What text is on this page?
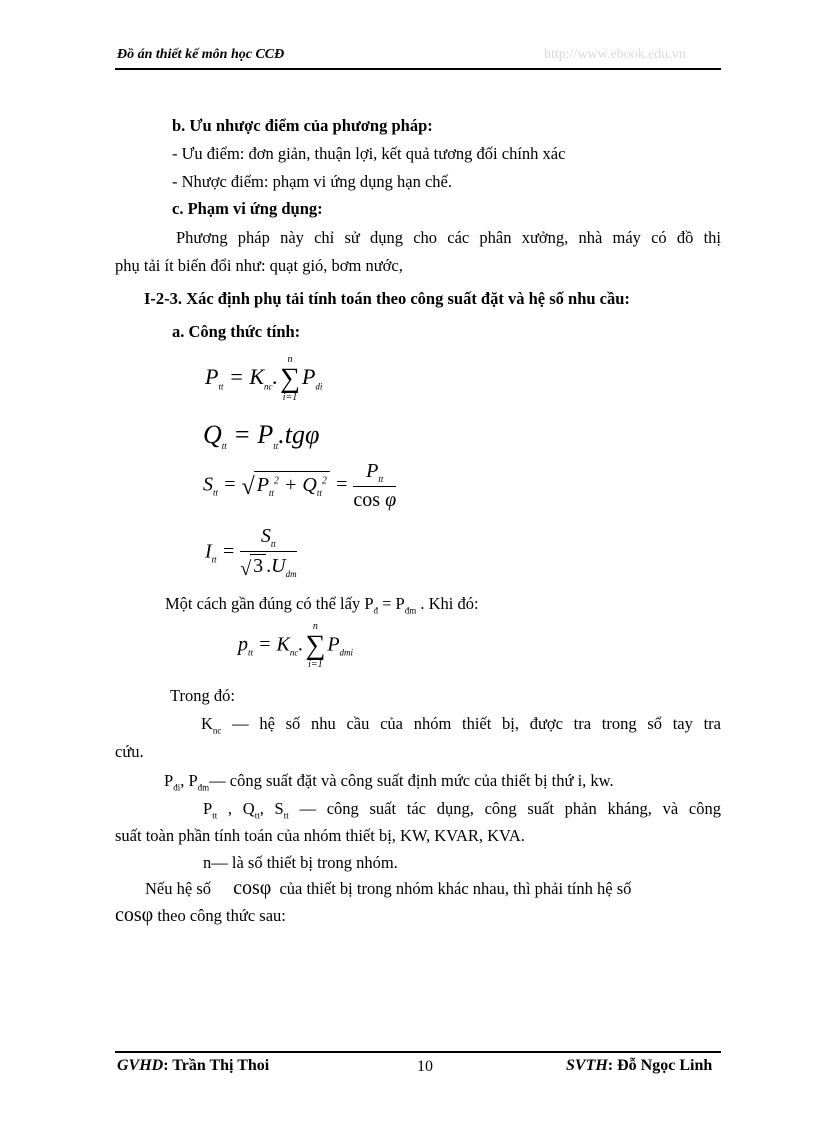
Đồ án thiết kế môn học CCĐ	http://www.ebook.edu.vn
b. Ưu nhược điểm của phương pháp:
- Ưu điểm: đơn giản, thuận lợi, kết quả tương đối chính xác
- Nhược điểm: phạm vi ứng dụng hạn chế.
c. Phạm vi ứng dụng:
Phương pháp này chỉ sử dụng cho các phân xưởng, nhà máy có đồ thị
phụ tải ít biến đổi như: quạt gió, bơm nước,
I-2-3. Xác định phụ tải tính toán theo công suất đặt và hệ số nhu cầu:
a. Công thức tính:
$P_{tt} = K_{nc}$.
n
∑
i=1
$P_{di}$
$Q_{tt} = P_{tt}.tg\varphi$
$S_{tt}$ = √ $P_{tt}^2 + Q_{tt}^2 = \frac{P_{tt}}{\text{cos φ}}$
$I_{tt} = \frac{S_{tt}}{√ 3 .U_{dm}}$
Một cách gần đúng có thể lấy $P_đ = P_{đm}$ . Khi đó:
$p_{tt} = K_{nc}$.
n
∑
i=1
$P_{dmi}$
Trong đó:
$K_{nc}$ — hệ số nhu cầu của nhóm thiết bị, được tra trong sổ tay tra
cứu.
$P_{đi}$, $P_{đm}—$ công suất đặt và công suất định mức của thiết bị thứ i, kw.
$P_{tt}$ , $Q_{tt}$, $S_{tt}$ — công suất tác dụng, công suất phản kháng, và công
suất toàn phần tính toán của nhóm thiết bị, KW, KVAR, KVA.
n— là số thiết bị trong nhóm.
Nếu hệ số cosφ của thiết bị trong nhóm khác nhau, thì phải tính hệ số
cosφ theo công thức sau:
GVHD: Trần Thị Thoi	10	SVTH: Đỗ Ngọc Linh
